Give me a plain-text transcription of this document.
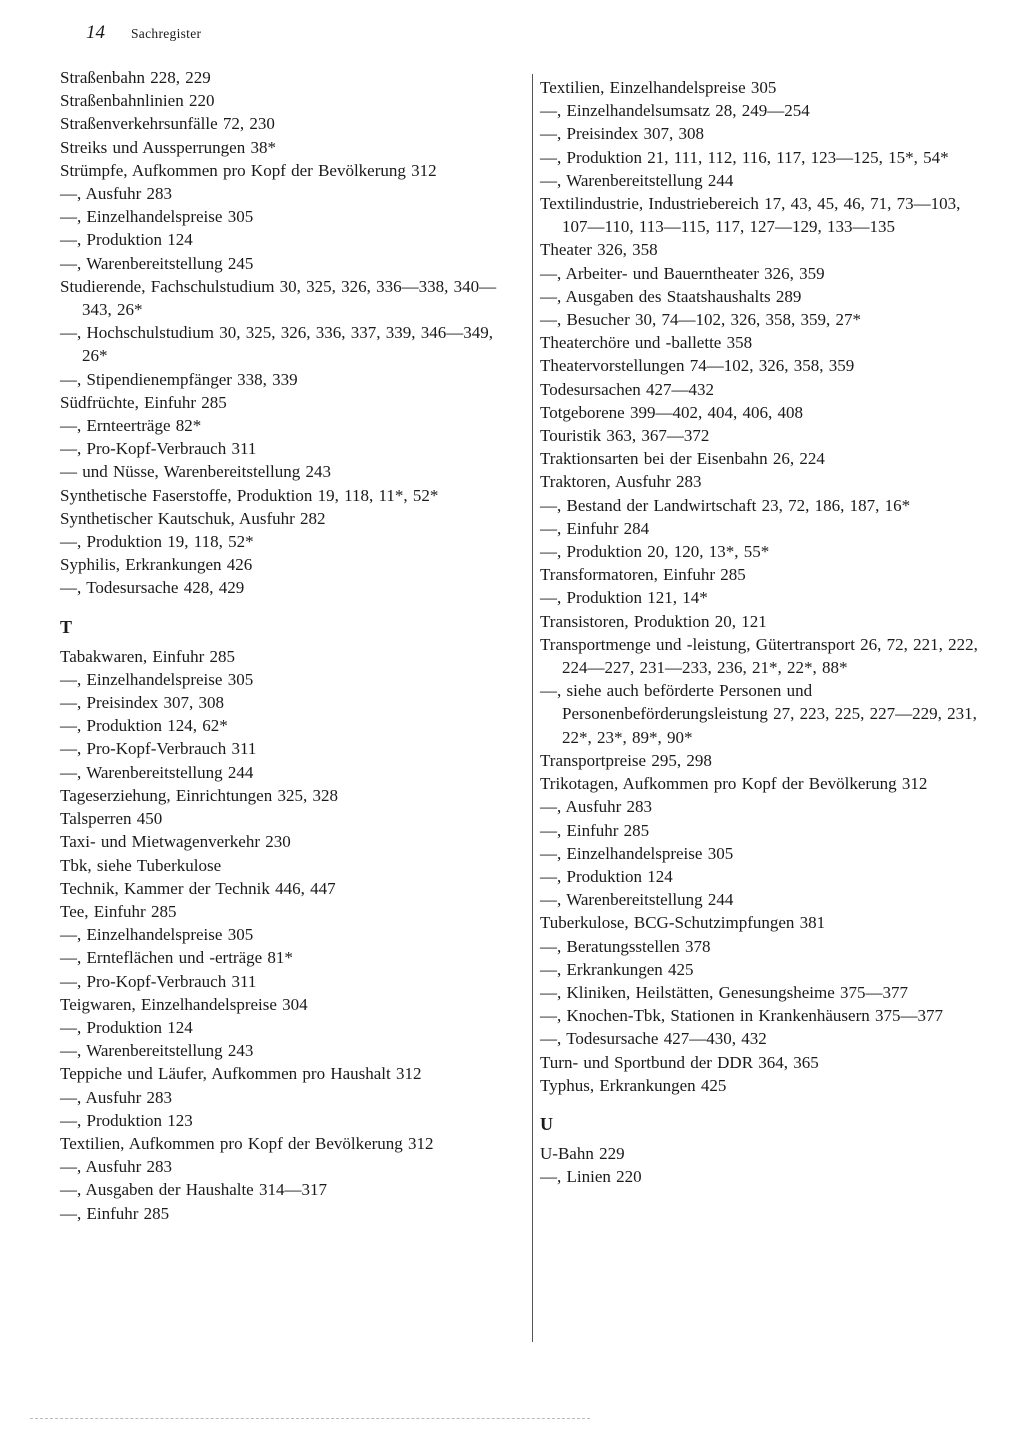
14 Sachregister
Straßenbahn 228, 229
Straßenbahnlinien 220
Straßenverkehrsunfälle 72, 230
Streiks und Aussperrungen 38*
Strümpfe, Aufkommen pro Kopf der Bevölkerung 312
—, Ausfuhr 283
—, Einzelhandelspreise 305
—, Produktion 124
—, Warenbereitstellung 245
Studierende, Fachschulstudium 30, 325, 326, 336—338, 340—343, 26*
—, Hochschulstudium 30, 325, 326, 336, 337, 339, 346—349, 26*
—, Stipendienempfänger 338, 339
Südfrüchte, Einfuhr 285
—, Ernteerträge 82*
—, Pro-Kopf-Verbrauch 311
— und Nüsse, Warenbereitstellung 243
Synthetische Faserstoffe, Produktion 19, 118, 11*, 52*
Synthetischer Kautschuk, Ausfuhr 282
—, Produktion 19, 118, 52*
Syphilis, Erkrankungen 426
—, Todesursache 428, 429
T
Tabakwaren, Einfuhr 285
—, Einzelhandelspreise 305
—, Preisindex 307, 308
—, Produktion 124, 62*
—, Pro-Kopf-Verbrauch 311
—, Warenbereitstellung 244
Tageserziehung, Einrichtungen 325, 328
Talsperren 450
Taxi- und Mietwagenverkehr 230
Tbk, siehe Tuberkulose
Technik, Kammer der Technik 446, 447
Tee, Einfuhr 285
—, Einzelhandelspreise 305
—, Ernteflächen und -erträge 81*
—, Pro-Kopf-Verbrauch 311
Teigwaren, Einzelhandelspreise 304
—, Produktion 124
—, Warenbereitstellung 243
Teppiche und Läufer, Aufkommen pro Haushalt 312
—, Ausfuhr 283
—, Produktion 123
Textilien, Aufkommen pro Kopf der Bevölkerung 312
—, Ausfuhr 283
—, Ausgaben der Haushalte 314—317
—, Einfuhr 285
Textilien, Einzelhandelspreise 305
—, Einzelhandelsumsatz 28, 249—254
—, Preisindex 307, 308
—, Produktion 21, 111, 112, 116, 117, 123—125, 15*, 54*
—, Warenbereitstellung 244
Textilindustrie, Industriebereich 17, 43, 45, 46, 71, 73—103, 107—110, 113—115, 117, 127—129, 133—135
Theater 326, 358
—, Arbeiter- und Bauerntheater 326, 359
—, Ausgaben des Staatshaushalts 289
—, Besucher 30, 74—102, 326, 358, 359, 27*
Theaterchöre und -ballette 358
Theatervorstellungen 74—102, 326, 358, 359
Todesursachen 427—432
Totgeborene 399—402, 404, 406, 408
Touristik 363, 367—372
Traktionsarten bei der Eisenbahn 26, 224
Traktoren, Ausfuhr 283
—, Bestand der Landwirtschaft 23, 72, 186, 187, 16*
—, Einfuhr 284
—, Produktion 20, 120, 13*, 55*
Transformatoren, Einfuhr 285
—, Produktion 121, 14*
Transistoren, Produktion 20, 121
Transportmenge und -leistung, Gütertransport 26, 72, 221, 222, 224—227, 231—233, 236, 21*, 22*, 88*
—, siehe auch beförderte Personen und Personenbeförderungsleistung 27, 223, 225, 227—229, 231, 22*, 23*, 89*, 90*
Transportpreise 295, 298
Trikotagen, Aufkommen pro Kopf der Bevölkerung 312
—, Ausfuhr 283
—, Einfuhr 285
—, Einzelhandelspreise 305
—, Produktion 124
—, Warenbereitstellung 244
Tuberkulose, BCG-Schutzimpfungen 381
—, Beratungsstellen 378
—, Erkrankungen 425
—, Kliniken, Heilstätten, Genesungsheime 375—377
—, Knochen-Tbk, Stationen in Krankenhäusern 375—377
—, Todesursache 427—430, 432
Turn- und Sportbund der DDR 364, 365
Typhus, Erkrankungen 425
U
U-Bahn 229
—, Linien 220
